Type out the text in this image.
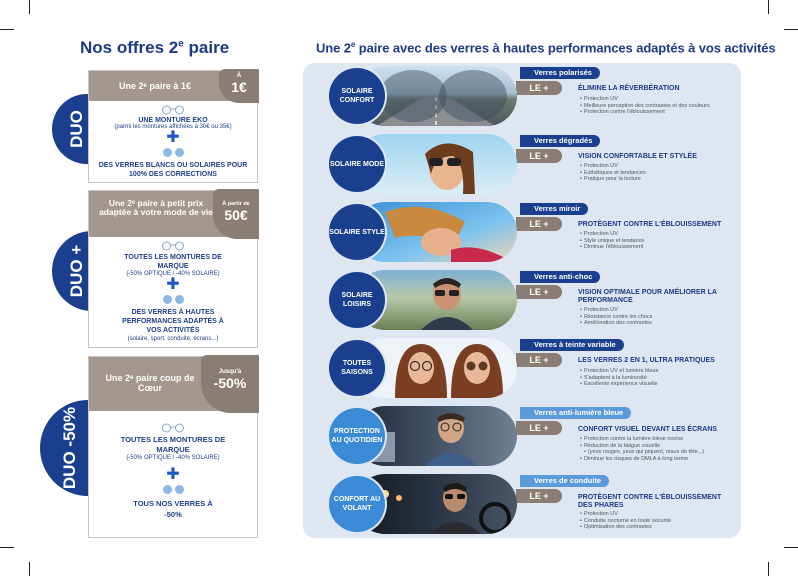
Nos offres 2e paire	Une 2e paire avec des verres à hautes performances adaptés à vos activités
DUO
Une 2ᵉ paire à 1€
À
1€
UNE MONTURE EKO
(parmi les montures affichées à 30€ ou 35€)
✚
DES VERRES BLANCS OU SOLAIRES POUR 100% DES CORRECTIONS
DUO +
Une 2ᵉ paire à petit prix adaptée à votre mode de vie
À partir de
50€
TOUTES LES MONTURES DE MARQUE
(-50% OPTIQUE / -40% SOLAIRE)
✚
DES VERRES À HAUTES PERFORMANCES ADAPTÉS À VOS ACTIVITÉS
(solaire, sport, conduite, écrans...)
DUO -50%
Une 2ᵉ paire coup de Cœur
Jusqu'à
-50%
TOUTES LES MONTURES DE MARQUE
(-50% OPTIQUE / -40% SOLAIRE)
✚
TOUS NOS VERRES À -50%
Verres polarisés
LE +
SOLAIRE CONFORT
ÉLIMINE LA RÉVERBÉRATION
• Protection UV
• Meilleure perception des contrastes et des couleurs
• Protection contre l'éblouissement
Verres dégradés
LE +
SOLAIRE MODE
VISION CONFORTABLE ET STYLÉE
• Protection UV
• Esthétiques et tendances
• Pratique pour la lecture
Verres miroir
LE +
SOLAIRE STYLE
PROTÈGENT CONTRE L'ÉBLOUISSEMENT
• Protection UV
• Style unique et tendance
• Diminue l'éblouissement
Verres anti-choc
LE +
SOLAIRE LOISIRS
VISION OPTIMALE POUR AMÉLIORER LA PERFORMANCE
• Protection UV
• Résistance contre les chocs
• Amélioration des contrastes
Verres à teinte variable
LE +
TOUTES SAISONS
LES VERRES 2 EN 1, ULTRA PRATIQUES
• Protection UV et lumière bleue
• S'adaptent à la luminosité
• Excellente expérience visuelle
Verres anti-lumière bleue
LE +
PROTECTION AU QUOTIDIEN
CONFORT VISUEL DEVANT LES ÉCRANS
• Protection contre la lumière bleue nocive
• Réduction de la fatigue visuelle
• (yeux rouges, yeux qui piquent, maux de tête...)
• Diminue les risques de DMLA à long terme
Verres de conduite
LE +
CONFORT AU VOLANT
PROTÈGENT CONTRE L'ÉBLOUISSEMENT DES PHARES
• Protection UV
• Conduite nocturne en toute sécurité
• Optimisation des contrastes
